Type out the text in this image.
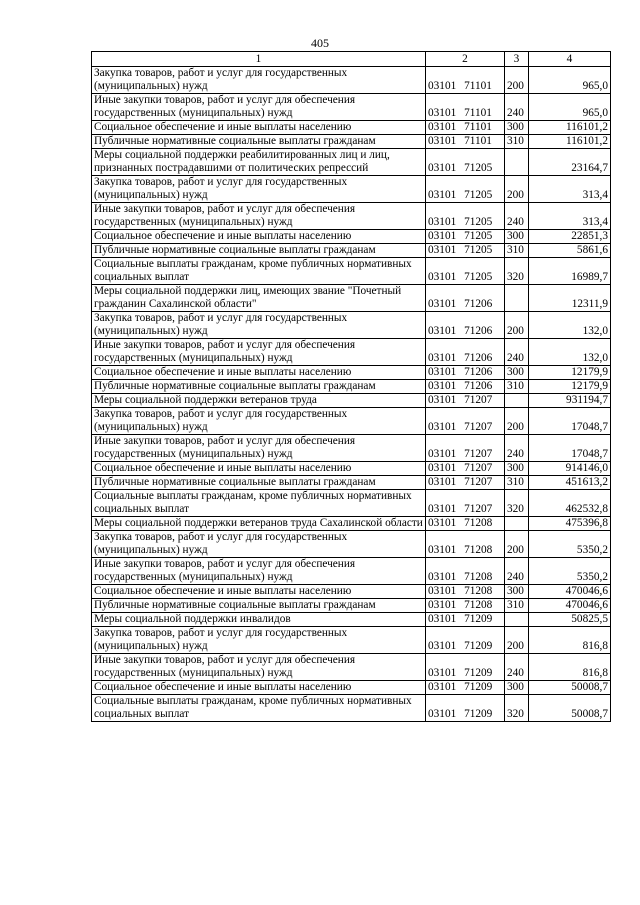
405
1	2	3	4
Закупка товаров, работ и услуг для государственных (муниципальных) нужд	03101 71101	200	965,0
Иные закупки товаров, работ и услуг для обеспечения государственных (муниципальных) нужд	03101 71101	240	965,0
Социальное обеспечение и иные выплаты населению	03101 71101	300	116101,2
Публичные нормативные социальные выплаты гражданам	03101 71101	310	116101,2
Меры социальной поддержки реабилитированных лиц и лиц, признанных пострадавшими от политических репрессий	03101 71205		23164,7
Закупка товаров, работ и услуг для государственных (муниципальных) нужд	03101 71205	200	313,4
Иные закупки товаров, работ и услуг для обеспечения государственных (муниципальных) нужд	03101 71205	240	313,4
Социальное обеспечение и иные выплаты населению	03101 71205	300	22851,3
Публичные нормативные социальные выплаты гражданам	03101 71205	310	5861,6
Социальные выплаты гражданам, кроме публичных нормативных социальных выплат	03101 71205	320	16989,7
Меры социальной поддержки лиц, имеющих звание "Почетный гражданин Сахалинской области"	03101 71206		12311,9
Закупка товаров, работ и услуг для государственных (муниципальных) нужд	03101 71206	200	132,0
Иные закупки товаров, работ и услуг для обеспечения государственных (муниципальных) нужд	03101 71206	240	132,0
Социальное обеспечение и иные выплаты населению	03101 71206	300	12179,9
Публичные нормативные социальные выплаты гражданам	03101 71206	310	12179,9
Меры социальной поддержки ветеранов труда	03101 71207		931194,7
Закупка товаров, работ и услуг для государственных (муниципальных) нужд	03101 71207	200	17048,7
Иные закупки товаров, работ и услуг для обеспечения государственных (муниципальных) нужд	03101 71207	240	17048,7
Социальное обеспечение и иные выплаты населению	03101 71207	300	914146,0
Публичные нормативные социальные выплаты гражданам	03101 71207	310	451613,2
Социальные выплаты гражданам, кроме публичных нормативных социальных выплат	03101 71207	320	462532,8
Меры социальной поддержки ветеранов труда Сахалинской области	03101 71208		475396,8
Закупка товаров, работ и услуг для государственных (муниципальных) нужд	03101 71208	200	5350,2
Иные закупки товаров, работ и услуг для обеспечения государственных (муниципальных) нужд	03101 71208	240	5350,2
Социальное обеспечение и иные выплаты населению	03101 71208	300	470046,6
Публичные нормативные социальные выплаты гражданам	03101 71208	310	470046,6
Меры социальной поддержки инвалидов	03101 71209		50825,5
Закупка товаров, работ и услуг для государственных (муниципальных) нужд	03101 71209	200	816,8
Иные закупки товаров, работ и услуг для обеспечения государственных (муниципальных) нужд	03101 71209	240	816,8
Социальное обеспечение и иные выплаты населению	03101 71209	300	50008,7
Социальные выплаты гражданам, кроме публичных нормативных социальных выплат	03101 71209	320	50008,7
